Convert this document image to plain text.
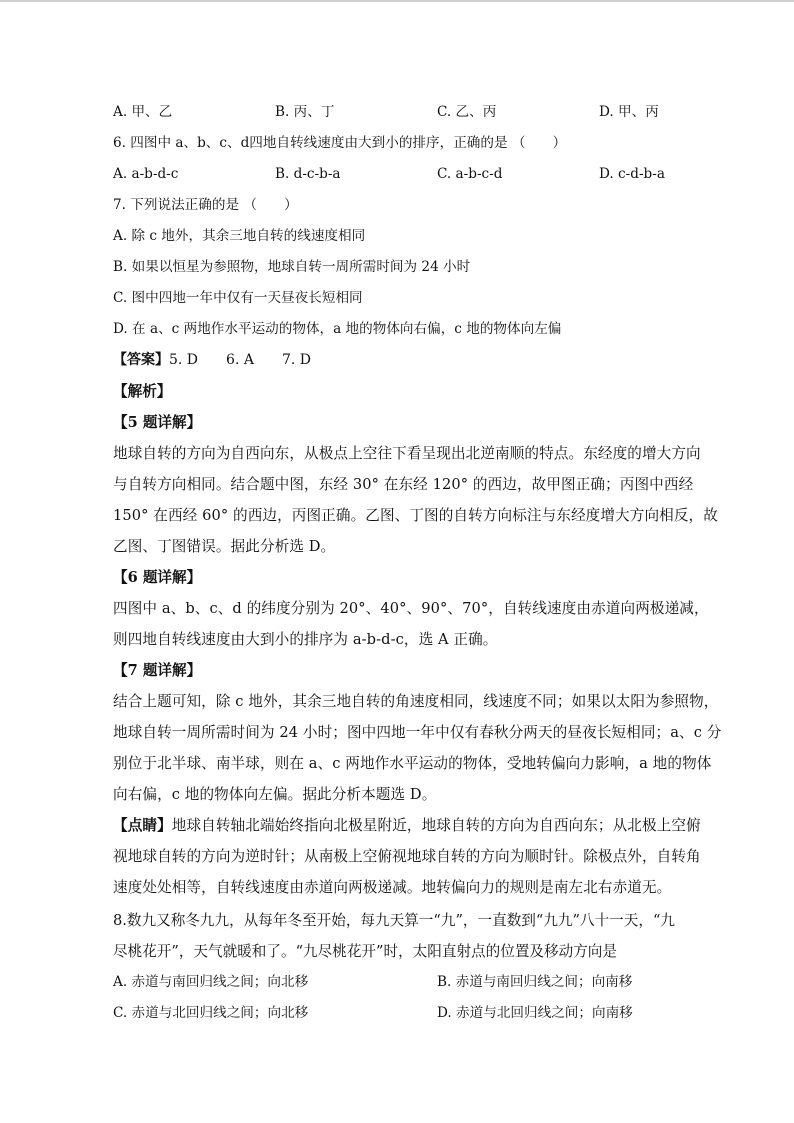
A. 甲、乙	B. 丙、丁	C. 乙、丙	D. 甲、丙
6. 四图中 a、b、c、d四地自转线速度由大到小的排序，正确的是 （　　）
A. a-b-d-c	B. d-c-b-a	C. a-b-c-d	D. c-d-b-a
7. 下列说法正确的是 （　　）
A. 除 c 地外，其余三地自转的线速度相同
B. 如果以恒星为参照物，地球自转一周所需时间为 24 小时
C. 图中四地一年中仅有一天昼夜长短相同
D. 在 a、c 两地作水平运动的物体，a 地的物体向右偏，c 地的物体向左偏
【答案】5. D　　6. A　　7. D
【解析】
【5 题详解】
地球自转的方向为自西向东，从极点上空往下看呈现出北逆南顺的特点。东经度的增大方向
与自转方向相同。结合题中图，东经 30° 在东经 120° 的西边，故甲图正确；丙图中西经
150° 在西经 60° 的西边，丙图正确。乙图、丁图的自转方向标注与东经度增大方向相反，故
乙图、丁图错误。据此分析选 D。
【6 题详解】
四图中 a、b、c、d 的纬度分别为 20°、40°、90°、70°，自转线速度由赤道向两极递减，
则四地自转线速度由大到小的排序为 a-b-d-c，选 A 正确。
【7 题详解】
结合上题可知，除 c 地外，其余三地自转的角速度相同，线速度不同；如果以太阳为参照物，
地球自转一周所需时间为 24 小时；图中四地一年中仅有春秋分两天的昼夜长短相同；a、c 分
别位于北半球、南半球，则在 a、c 两地作水平运动的物体，受地转偏向力影响，a 地的物体
向右偏，c 地的物体向左偏。据此分析本题选 D。
【点睛】地球自转轴北端始终指向北极星附近，地球自转的方向为自西向东；从北极上空俯
视地球自转的方向为逆时针；从南极上空俯视地球自转的方向为顺时针。除极点外，自转角
速度处处相等，自转线速度由赤道向两极递减。地转偏向力的规则是南左北右赤道无。
8.数九又称冬九九，从每年冬至开始，每九天算一“九”，一直数到“九九”八十一天，“九
尽桃花开”，天气就暖和了。“九尽桃花开”时，太阳直射点的位置及移动方向是
A. 赤道与南回归线之间；向北移	B. 赤道与南回归线之间；向南移
C. 赤道与北回归线之间；向北移	D. 赤道与北回归线之间；向南移
